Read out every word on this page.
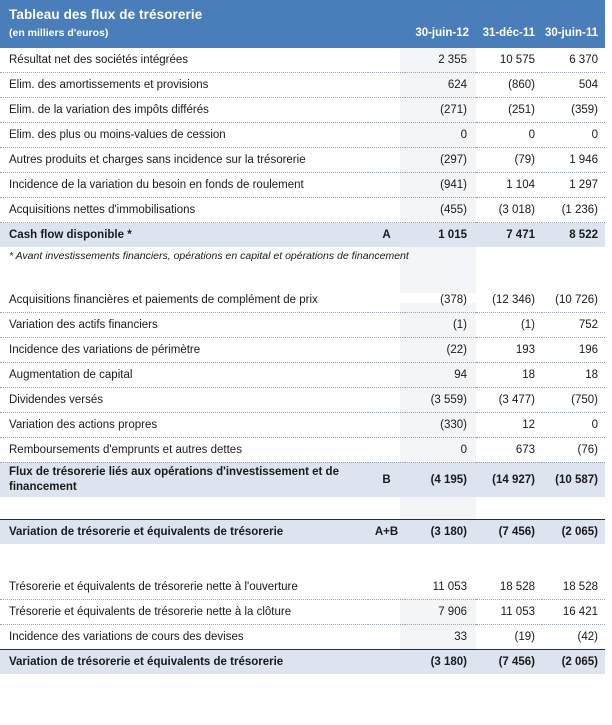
Tableau des flux de trésorerie
(en milliers d'euros)		30-juin-12	31-déc-11	30-juin-11
Résultat net des sociétés intégrées		2 355	10 575	6 370
Elim. des amortissements et provisions		624	(860)	504
Elim. de la variation des impôts différés		(271)	(251)	(359)
Elim. des plus ou moins-values de cession		0	0	0
Autres produits et charges sans incidence sur la trésorerie		(297)	(79)	1 946
Incidence de la variation du besoin en fonds de roulement		(941)	1 104	1 297
Acquisitions nettes d'immobilisations		(455)	(3 018)	(1 236)
Cash flow disponible *	A	1 015	7 471	8 522

* Avant investissements financiers, opérations en capital et opérations de financement				

Acquisitions financières et paiements de complément de prix		(378)	(12 346)	(10 726)
Variation des actifs financiers		(1)	(1)	752
Incidence des variations de périmètre		(22)	193	196
Augmentation de capital		94	18	18
Dividendes versés		(3 559)	(3 477)	(750)
Variation des actions propres		(330)	12	0
Remboursements d'emprunts et autres dettes		0	673	(76)
Flux de trésorerie liés aux opérations d'investissement et de financement	B	(4 195)	(14 927)	(10 587)

Variation de trésorerie et équivalents de trésorerie	A+B	(3 180)	(7 456)	(2 065)

Trésorerie et équivalents de trésorerie nette à l'ouverture		11 053	18 528	18 528
Trésorerie et équivalents de trésorerie nette à la clôture		7 906	11 053	16 421
Incidence des variations de cours des devises		33	(19)	(42)
Variation de trésorerie et équivalents de trésorerie		(3 180)	(7 456)	(2 065)
